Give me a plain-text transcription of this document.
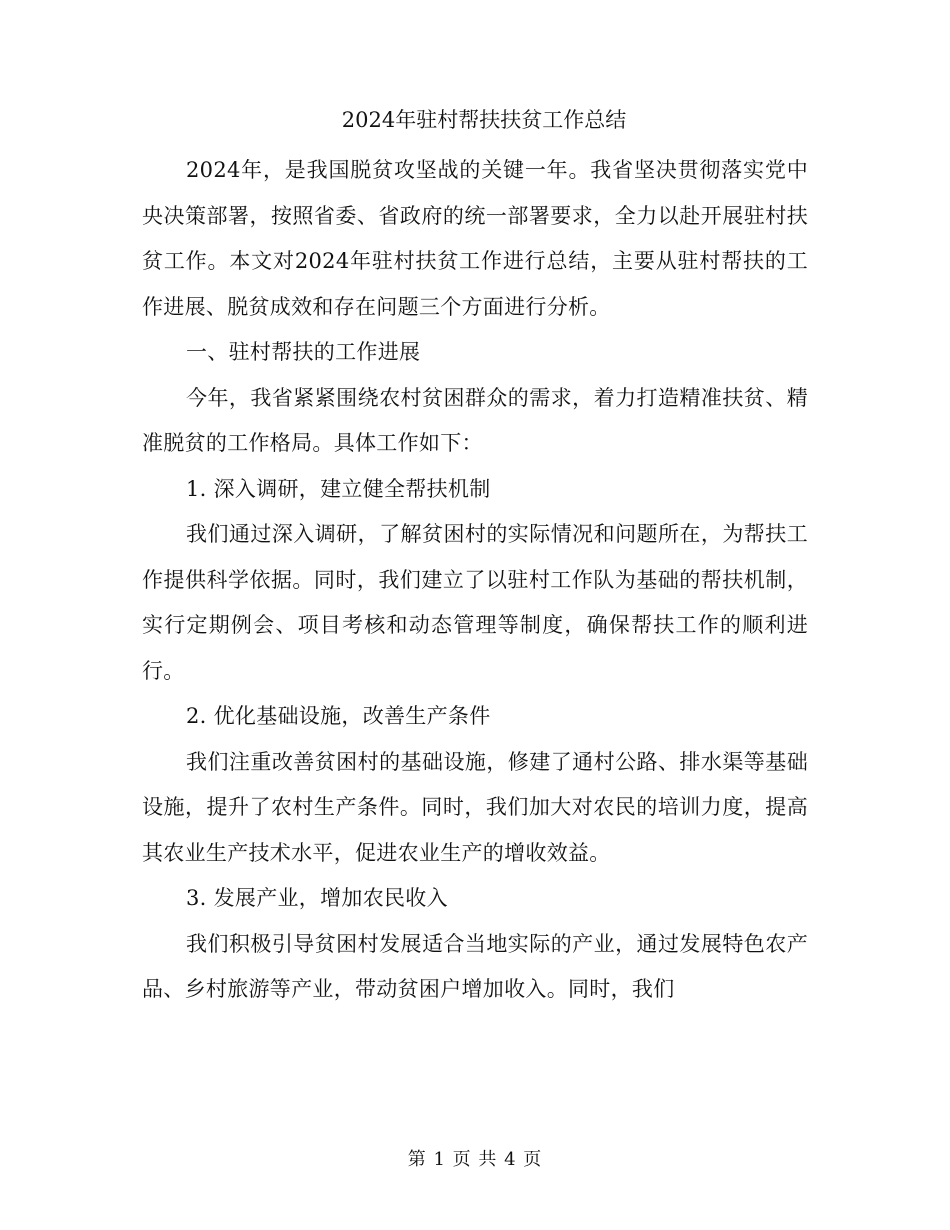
2024年驻村帮扶扶贫工作总结

2024年，是我国脱贫攻坚战的关键一年。我省坚决贯彻落实党中央决策部署，按照省委、省政府的统一部署要求，全力以赴开展驻村扶贫工作。本文对2024年驻村扶贫工作进行总结，主要从驻村帮扶的工作进展、脱贫成效和存在问题三个方面进行分析。

一、驻村帮扶的工作进展

今年，我省紧紧围绕农村贫困群众的需求，着力打造精准扶贫、精准脱贫的工作格局。具体工作如下：

1. 深入调研，建立健全帮扶机制

我们通过深入调研，了解贫困村的实际情况和问题所在，为帮扶工作提供科学依据。同时，我们建立了以驻村工作队为基础的帮扶机制，实行定期例会、项目考核和动态管理等制度，确保帮扶工作的顺利进行。

2. 优化基础设施，改善生产条件

我们注重改善贫困村的基础设施，修建了通村公路、排水渠等基础设施，提升了农村生产条件。同时，我们加大对农民的培训力度，提高其农业生产技术水平，促进农业生产的增收效益。

3. 发展产业，增加农民收入

我们积极引导贫困村发展适合当地实际的产业，通过发展特色农产品、乡村旅游等产业，带动贫困户增加收入。同时，我们

第 1 页 共 4 页
